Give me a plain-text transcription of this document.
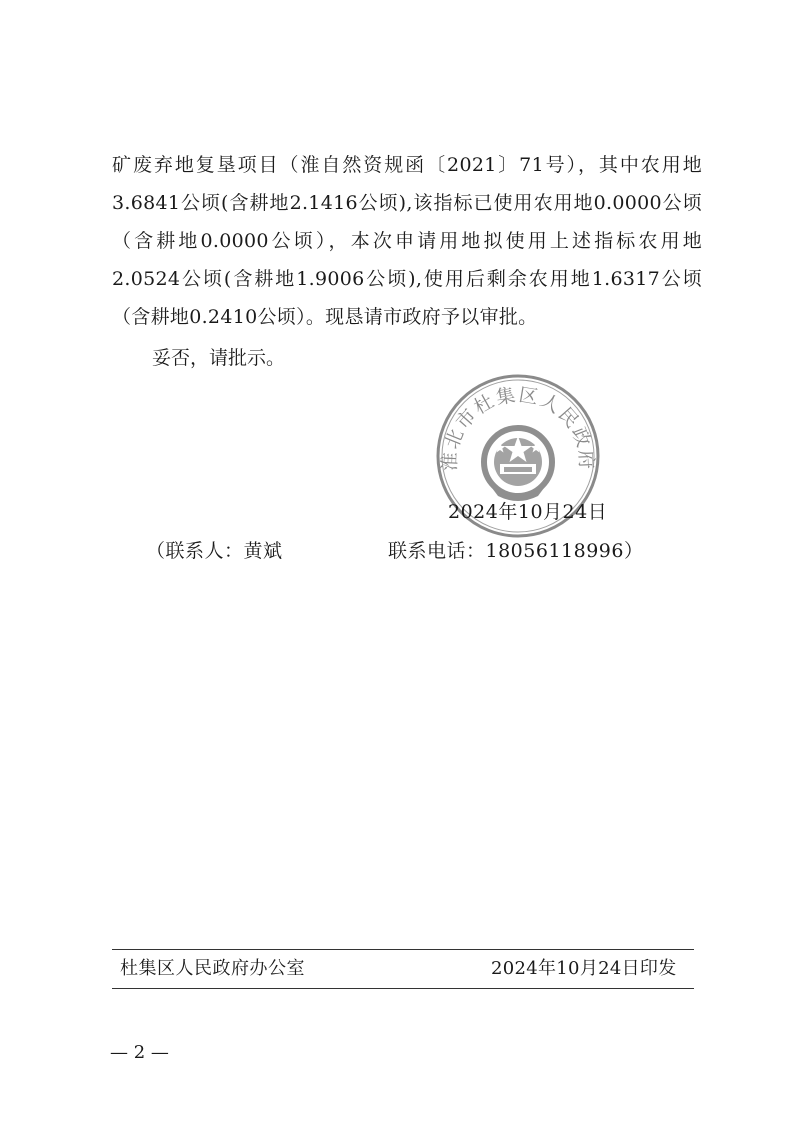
矿废弃地复垦项目（淮自然资规函〔2021〕71号），其中农用地3.6841公顷(含耕地2.1416公顷),该指标已使用农用地0.0000公顷（含耕地0.0000公顷），本次申请用地拟使用上述指标农用地2.0524公顷(含耕地1.9006公顷),使用后剩余农用地1.6317公顷（含耕地0.2410公顷）。现恳请市政府予以审批。

妥否，请批示。
淮北市杜集区人民政府
2024年10月24日
（联系人：黄斌	联系电话：18056118996）
杜集区人民政府办公室	2024年10月24日印发
— 2 —
